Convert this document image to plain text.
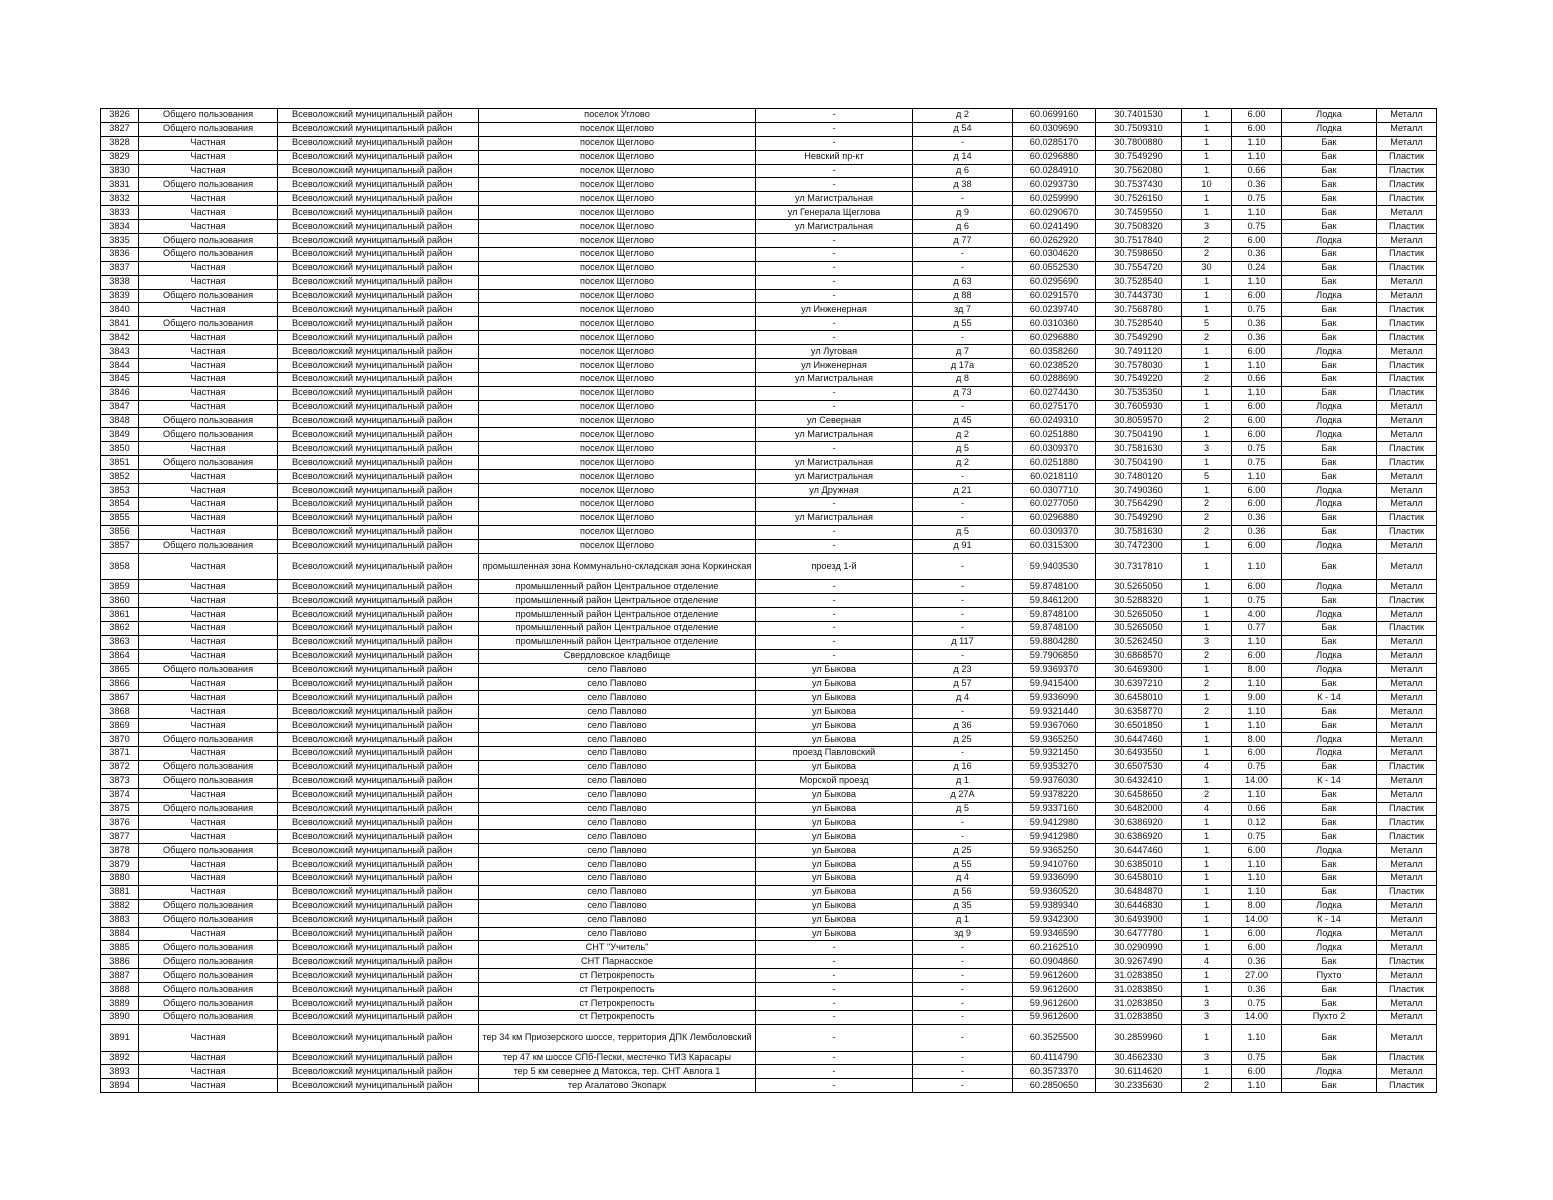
3826	Общего пользования	Всеволожский муниципальный район	поселок Углово	-	д 2	60.0699160	30.7401530	1	6.00	Лодка	Металл
3827	Общего пользования	Всеволожский муниципальный район	поселок Щеглово	-	д 54	60.0309690	30.7509310	1	6.00	Лодка	Металл
3828	Частная	Всеволожский муниципальный район	поселок Щеглово	-	-	60.0285170	30.7800880	1	1.10	Бак	Металл
3829	Частная	Всеволожский муниципальный район	поселок Щеглово	Невский пр-кт	д 14	60.0296880	30.7549290	1	1.10	Бак	Пластик
3830	Частная	Всеволожский муниципальный район	поселок Щеглово	-	д 6	60.0284910	30.7562080	1	0.66	Бак	Пластик
3831	Общего пользования	Всеволожский муниципальный район	поселок Щеглово	-	д 38	60.0293730	30.7537430	10	0.36	Бак	Пластик
3832	Частная	Всеволожский муниципальный район	поселок Щеглово	ул Магистральная	-	60.0259990	30.7526150	1	0.75	Бак	Пластик
3833	Частная	Всеволожский муниципальный район	поселок Щеглово	ул Генерала Щеглова	д 9	60.0290670	30.7459550	1	1.10	Бак	Металл
3834	Частная	Всеволожский муниципальный район	поселок Щеглово	ул Магистральная	д 6	60.0241490	30.7508320	3	0.75	Бак	Пластик
3835	Общего пользования	Всеволожский муниципальный район	поселок Щеглово	-	д 77	60.0262920	30.7517840	2	6.00	Лодка	Металл
3836	Общего пользования	Всеволожский муниципальный район	поселок Щеглово	-	-	60.0304620	30.7598650	2	0.36	Бак	Пластик
3837	Частная	Всеволожский муниципальный район	поселок Щеглово	-	-	60.0552530	30.7554720	30	0.24	Бак	Пластик
3838	Частная	Всеволожский муниципальный район	поселок Щеглово	-	д 63	60.0295690	30.7528540	1	1.10	Бак	Металл
3839	Общего пользования	Всеволожский муниципальный район	поселок Щеглово	-	д 88	60.0291570	30.7443730	1	6.00	Лодка	Металл
3840	Частная	Всеволожский муниципальный район	поселок Щеглово	ул Инженерная	зд 7	60.0239740	30.7568780	1	0.75	Бак	Пластик
3841	Общего пользования	Всеволожский муниципальный район	поселок Щеглово	-	д 55	60.0310360	30.7528540	5	0.36	Бак	Пластик
3842	Частная	Всеволожский муниципальный район	поселок Щеглово	-	-	60.0296880	30.7549290	2	0.36	Бак	Пластик
3843	Частная	Всеволожский муниципальный район	поселок Щеглово	ул Луговая	д 7	60.0358260	30.7491120	1	6.00	Лодка	Металл
3844	Частная	Всеволожский муниципальный район	поселок Щеглово	ул Инженерная	д 17а	60.0238520	30.7578030	1	1.10	Бак	Пластик
3845	Частная	Всеволожский муниципальный район	поселок Щеглово	ул Магистральная	д 8	60.0288690	30.7549220	2	0.66	Бак	Пластик
3846	Частная	Всеволожский муниципальный район	поселок Щеглово	-	д 73	60.0274430	30.7535350	1	1.10	Бак	Пластик
3847	Частная	Всеволожский муниципальный район	поселок Щеглово	-	-	60.0275170	30.7605930	1	6.00	Лодка	Металл
3848	Общего пользования	Всеволожский муниципальный район	поселок Щеглово	ул Северная	д 45	60.0249310	30.8059570	2	6.00	Лодка	Металл
3849	Общего пользования	Всеволожский муниципальный район	поселок Щеглово	ул Магистральная	д 2	60.0251880	30.7504190	1	6.00	Лодка	Металл
3850	Частная	Всеволожский муниципальный район	поселок Щеглово	-	д 5	60.0309370	30.7581630	3	0.75	Бак	Пластик
3851	Общего пользования	Всеволожский муниципальный район	поселок Щеглово	ул Магистральная	д 2	60.0251880	30.7504190	1	0.75	Бак	Пластик
3852	Частная	Всеволожский муниципальный район	поселок Щеглово	ул Магистральная	-	60.0218110	30.7480120	5	1.10	Бак	Металл
3853	Частная	Всеволожский муниципальный район	поселок Щеглово	ул Дружная	д 21	60.0307710	30.7490360	1	6.00	Лодка	Металл
3854	Частная	Всеволожский муниципальный район	поселок Щеглово	-	-	60.0277050	30.7564290	2	6.00	Лодка	Металл
3855	Частная	Всеволожский муниципальный район	поселок Щеглово	ул Магистральная	-	60.0296880	30.7549290	2	0.36	Бак	Пластик
3856	Частная	Всеволожский муниципальный район	поселок Щеглово	-	д 5	60.0309370	30.7581630	2	0.36	Бак	Пластик
3857	Общего пользования	Всеволожский муниципальный район	поселок Щеглово	-	д 91	60.0315300	30.7472300	1	6.00	Лодка	Металл
3858	Частная	Всеволожский муниципальный район	промышленная зона Коммунально-складская зона Коркинская	проезд 1-й	-	59.9403530	30.7317810	1	1.10	Бак	Металл
3859	Частная	Всеволожский муниципальный район	промышленный район Центральное отделение	-	-	59.8748100	30.5265050	1	6.00	Лодка	Металл
3860	Частная	Всеволожский муниципальный район	промышленный район Центральное отделение	-	-	59.8461200	30.5288320	1	0.75	Бак	Пластик
3861	Частная	Всеволожский муниципальный район	промышленный район Центральное отделение	-	-	59.8748100	30.5265050	1	4.00	Лодка	Металл
3862	Частная	Всеволожский муниципальный район	промышленный район Центральное отделение	-	-	59.8748100	30.5265050	1	0.77	Бак	Пластик
3863	Частная	Всеволожский муниципальный район	промышленный район Центральное отделение	-	д 117	59.8804280	30.5262450	3	1.10	Бак	Металл
3864	Частная	Всеволожский муниципальный район	Свердловское кладбище	-	-	59.7906850	30.6868570	2	6.00	Лодка	Металл
3865	Общего пользования	Всеволожский муниципальный район	село Павлово	ул Быкова	д 23	59.9369370	30.6469300	1	8.00	Лодка	Металл
3866	Частная	Всеволожский муниципальный район	село Павлово	ул Быкова	д 57	59.9415400	30.6397210	2	1.10	Бак	Металл
3867	Частная	Всеволожский муниципальный район	село Павлово	ул Быкова	д 4	59.9336090	30.6458010	1	9.00	К - 14	Металл
3868	Частная	Всеволожский муниципальный район	село Павлово	ул Быкова	-	59.9321440	30.6358770	2	1.10	Бак	Металл
3869	Частная	Всеволожский муниципальный район	село Павлово	ул Быкова	д 36	59.9367060	30.6501850	1	1.10	Бак	Металл
3870	Общего пользования	Всеволожский муниципальный район	село Павлово	ул Быкова	д 25	59.9365250	30.6447460	1	8.00	Лодка	Металл
3871	Частная	Всеволожский муниципальный район	село Павлово	проезд Павловский	-	59.9321450	30.6493550	1	6.00	Лодка	Металл
3872	Общего пользования	Всеволожский муниципальный район	село Павлово	ул Быкова	д 16	59.9353270	30.6507530	4	0.75	Бак	Пластик
3873	Общего пользования	Всеволожский муниципальный район	село Павлово	Морской проезд	д 1	59.9376030	30.6432410	1	14.00	К - 14	Металл
3874	Частная	Всеволожский муниципальный район	село Павлово	ул Быкова	д 27А	59.9378220	30.6458650	2	1.10	Бак	Металл
3875	Общего пользования	Всеволожский муниципальный район	село Павлово	ул Быкова	д 5	59.9337160	30.6482000	4	0.66	Бак	Пластик
3876	Частная	Всеволожский муниципальный район	село Павлово	ул Быкова	-	59.9412980	30.6386920	1	0.12	Бак	Пластик
3877	Частная	Всеволожский муниципальный район	село Павлово	ул Быкова	-	59.9412980	30.6386920	1	0.75	Бак	Пластик
3878	Общего пользования	Всеволожский муниципальный район	село Павлово	ул Быкова	д 25	59.9365250	30.6447460	1	6.00	Лодка	Металл
3879	Частная	Всеволожский муниципальный район	село Павлово	ул Быкова	д 55	59.9410760	30.6385010	1	1.10	Бак	Металл
3880	Частная	Всеволожский муниципальный район	село Павлово	ул Быкова	д 4	59.9336090	30.6458010	1	1.10	Бак	Металл
3881	Частная	Всеволожский муниципальный район	село Павлово	ул Быкова	д 56	59.9360520	30.6484870	1	1.10	Бак	Пластик
3882	Общего пользования	Всеволожский муниципальный район	село Павлово	ул Быкова	д 35	59.9389340	30.6446830	1	8.00	Лодка	Металл
3883	Общего пользования	Всеволожский муниципальный район	село Павлово	ул Быкова	д 1	59.9342300	30.6493900	1	14.00	К - 14	Металл
3884	Частная	Всеволожский муниципальный район	село Павлово	ул Быкова	зд 9	59.9346590	30.6477780	1	6.00	Лодка	Металл
3885	Общего пользования	Всеволожский муниципальный район	СНТ "Учитель"	-	-	60.2162510	30.0290990	1	6.00	Лодка	Металл
3886	Общего пользования	Всеволожский муниципальный район	СНТ Парнасское	-	-	60.0904860	30.9267490	4	0.36	Бак	Пластик
3887	Общего пользования	Всеволожский муниципальный район	ст Петрокрепость	-	-	59.9612600	31.0283850	1	27.00	Пухто	Металл
3888	Общего пользования	Всеволожский муниципальный район	ст Петрокрепость	-	-	59.9612600	31.0283850	1	0.36	Бак	Пластик
3889	Общего пользования	Всеволожский муниципальный район	ст Петрокрепость	-	-	59.9612600	31.0283850	3	0.75	Бак	Металл
3890	Общего пользования	Всеволожский муниципальный район	ст Петрокрепость	-	-	59.9612600	31.0283850	3	14.00	Пухто 2	Металл
3891	Частная	Всеволожский муниципальный район	тер 34 км Приозерского шоссе, территория ДПК Лемболовский	-	-	60.3525500	30.2859960	1	1.10	Бак	Металл
3892	Частная	Всеволожский муниципальный район	тер 47 км шоссе СПб-Пески, местечко ТИЗ Карасары	-	-	60.4114790	30.4662330	3	0.75	Бак	Пластик
3893	Частная	Всеволожский муниципальный район	тер 5 км севернее д Матокса, тер. СНТ Авлога 1	-	-	60.3573370	30.6114620	1	6.00	Лодка	Металл
3894	Частная	Всеволожский муниципальный район	тер Агалатово Экопарк	-	-	60.2850650	30.2335630	2	1.10	Бак	Пластик
